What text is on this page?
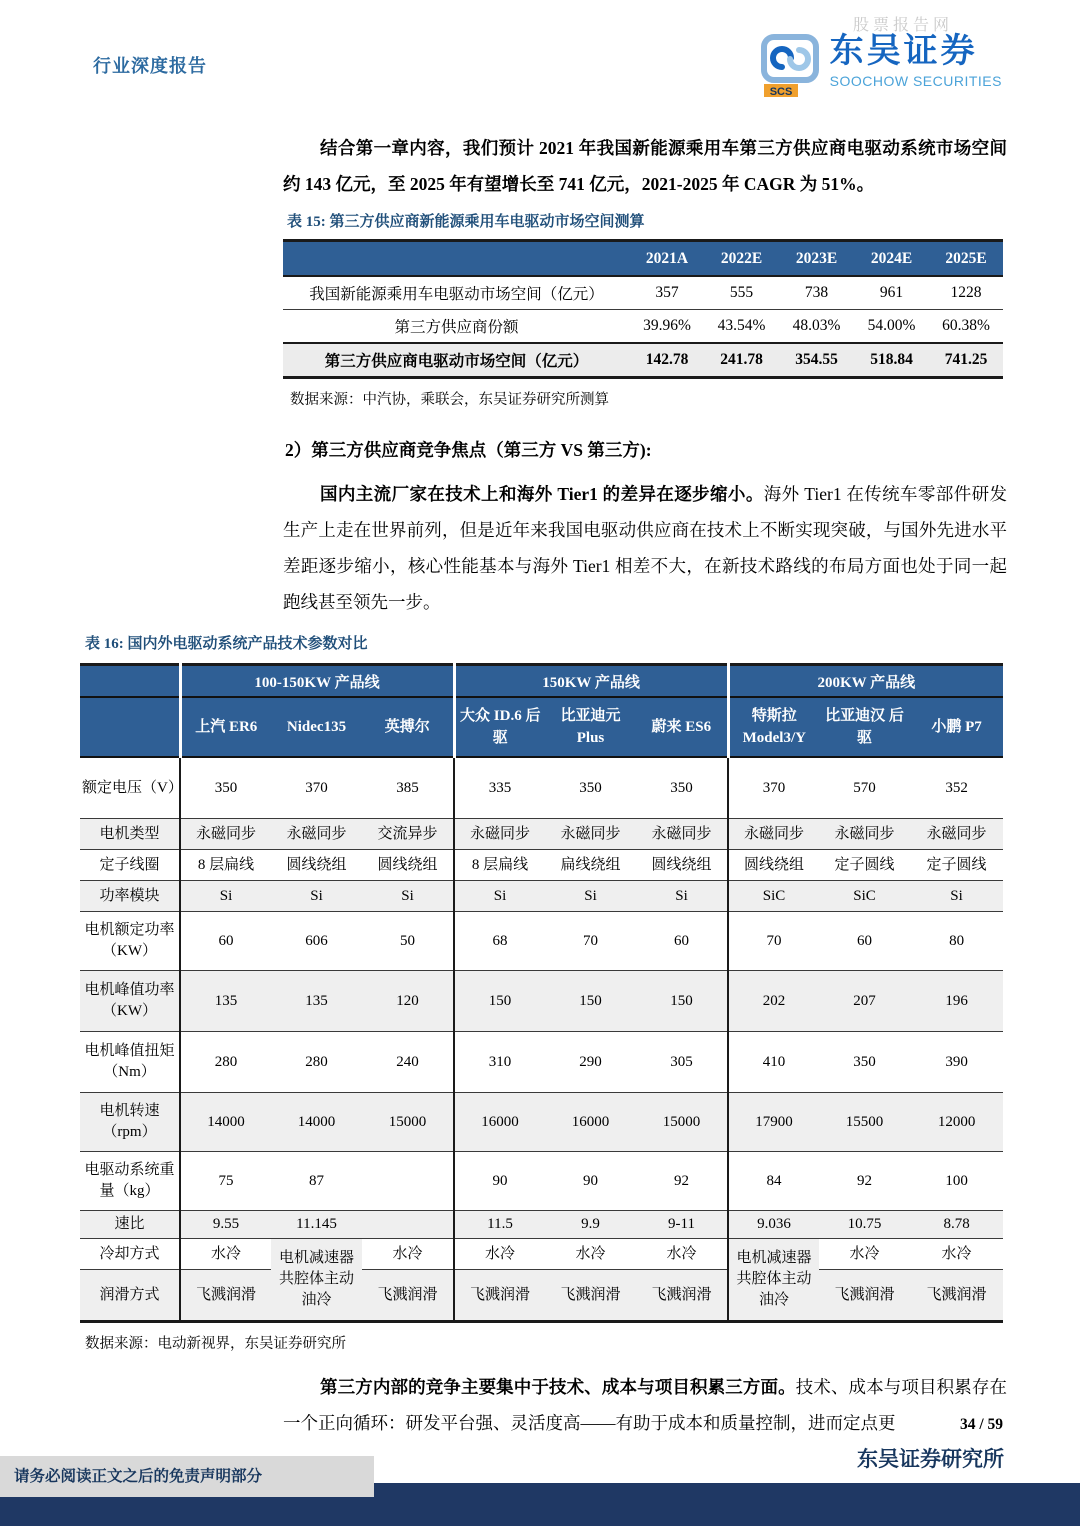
股票报告网
行业深度报告
SCS
东吴证券
SOOCHOW SECURITIES

结合第一章内容，我们预计 2021 年我国新能源乘用车第三方供应商电驱动系统市场空间约 143 亿元，至 2025 年有望增长至 741 亿元，2021-2025 年 CAGR 为 51%。

表 15: 第三方供应商新能源乘用车电驱动市场空间测算

	2021A	2022E	2023E	2024E	2025E
我国新能源乘用车电驱动市场空间（亿元）	357	555	738	961	1228
第三方供应商份额	39.96%	43.54%	48.03%	54.00%	60.38%
第三方供应商电驱动市场空间（亿元）	142.78	241.78	354.55	518.84	741.25

数据来源：中汽协，乘联会，东吴证券研究所测算

2）第三方供应商竞争焦点（第三方 VS 第三方):

国内主流厂家在技术上和海外 Tier1 的差异在逐步缩小。海外 Tier1 在传统车零部件研发生产上走在世界前列，但是近年来我国电驱动供应商在技术上不断实现突破，与国外先进水平差距逐步缩小，核心性能基本与海外 Tier1 相差不大，在新技术路线的布局方面也处于同一起跑线甚至领先一步。

表 16: 国内外电驱动系统产品技术参数对比

	100-150KW 产品线			150KW 产品线			200KW 产品线		
	上汽 ER6	Nidec135	英搏尔	大众 ID.6 后驱	比亚迪元 Plus	蔚来 ES6	特斯拉 Model3/Y	比亚迪汉 后驱	小鹏 P7
额定电压（V）	350	370	385	335	350	350	370	570	352
电机类型	永磁同步	永磁同步	交流异步	永磁同步	永磁同步	永磁同步	永磁同步	永磁同步	永磁同步
定子线圈	8 层扁线	圆线绕组	圆线绕组	8 层扁线	扁线绕组	圆线绕组	圆线绕组	定子圆线	定子圆线
功率模块	Si	Si	Si	Si	Si	Si	SiC	SiC	Si
电机额定功率（KW）	60	606	50	68	70	60	70	60	80
电机峰值功率（KW）	135	135	120	150	150	150	202	207	196
电机峰值扭矩（Nm）	280	280	240	310	290	305	410	350	390
电机转速（rpm）	14000	14000	15000	16000	16000	15000	17900	15500	12000
电驱动系统重量（kg）	75	87		90	90	92	84	92	100
速比	9.55	11.145		11.5	9.9	9-11	9.036	10.75	8.78
冷却方式	水冷	电机减速器共腔体主动油冷	水冷	水冷	水冷	水冷	电机减速器共腔体主动油冷	水冷	水冷
润滑方式	飞溅润滑		飞溅润滑	飞溅润滑	飞溅润滑	飞溅润滑		飞溅润滑	飞溅润滑

数据来源：电动新视界，东吴证券研究所

第三方内部的竞争主要集中于技术、成本与项目积累三方面。技术、成本与项目积累存在一个正向循环：研发平台强、灵活度高——有助于成本和质量控制，进而定点更	34 / 59
东吴证券研究所
请务必阅读正文之后的免责声明部分
